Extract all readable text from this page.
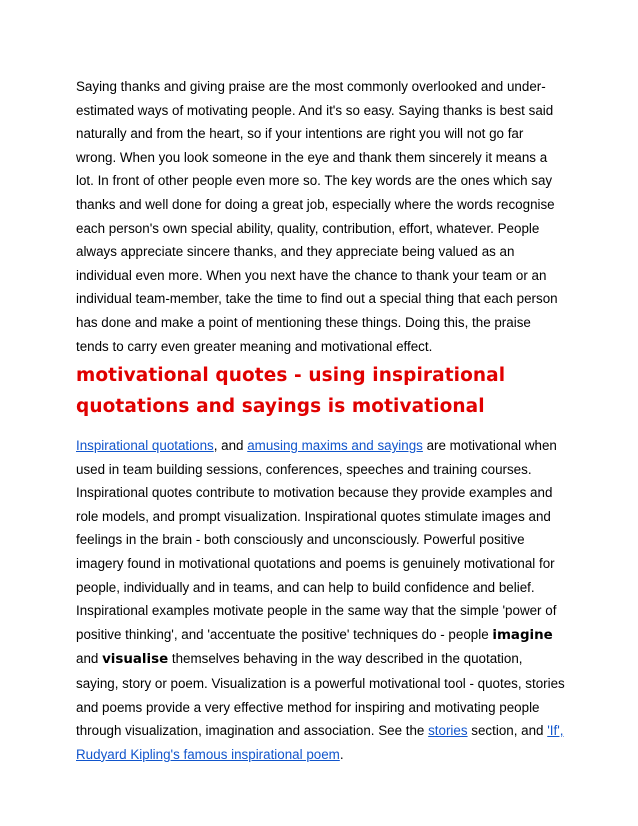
Saying thanks and giving praise are the most commonly overlooked and under-estimated ways of motivating people. And it's so easy. Saying thanks is best said naturally and from the heart, so if your intentions are right you will not go far wrong. When you look someone in the eye and thank them sincerely it means a lot. In front of other people even more so. The key words are the ones which say thanks and well done for doing a great job, especially where the words recognise each person's own special ability, quality, contribution, effort, whatever. People always appreciate sincere thanks, and they appreciate being valued as an individual even more. When you next have the chance to thank your team or an individual team-member, take the time to find out a special thing that each person has done and make a point of mentioning these things. Doing this, the praise tends to carry even greater meaning and motivational effect.

motivational quotes - using inspirational
quotations and sayings is motivational

Inspirational quotations, and amusing maxims and sayings are motivational when used in team building sessions, conferences, speeches and training courses. Inspirational quotes contribute to motivation because they provide examples and role models, and prompt visualization. Inspirational quotes stimulate images and feelings in the brain - both consciously and unconsciously. Powerful positive imagery found in motivational quotations and poems is genuinely motivational for people, individually and in teams, and can help to build confidence and belief. Inspirational examples motivate people in the same way that the simple 'power of positive thinking', and 'accentuate the positive' techniques do - people imagine and visualise themselves behaving in the way described in the quotation, saying, story or poem. Visualization is a powerful motivational tool - quotes, stories and poems provide a very effective method for inspiring and motivating people through visualization, imagination and association. See the stories section, and 'If', Rudyard Kipling's famous inspirational poem.
